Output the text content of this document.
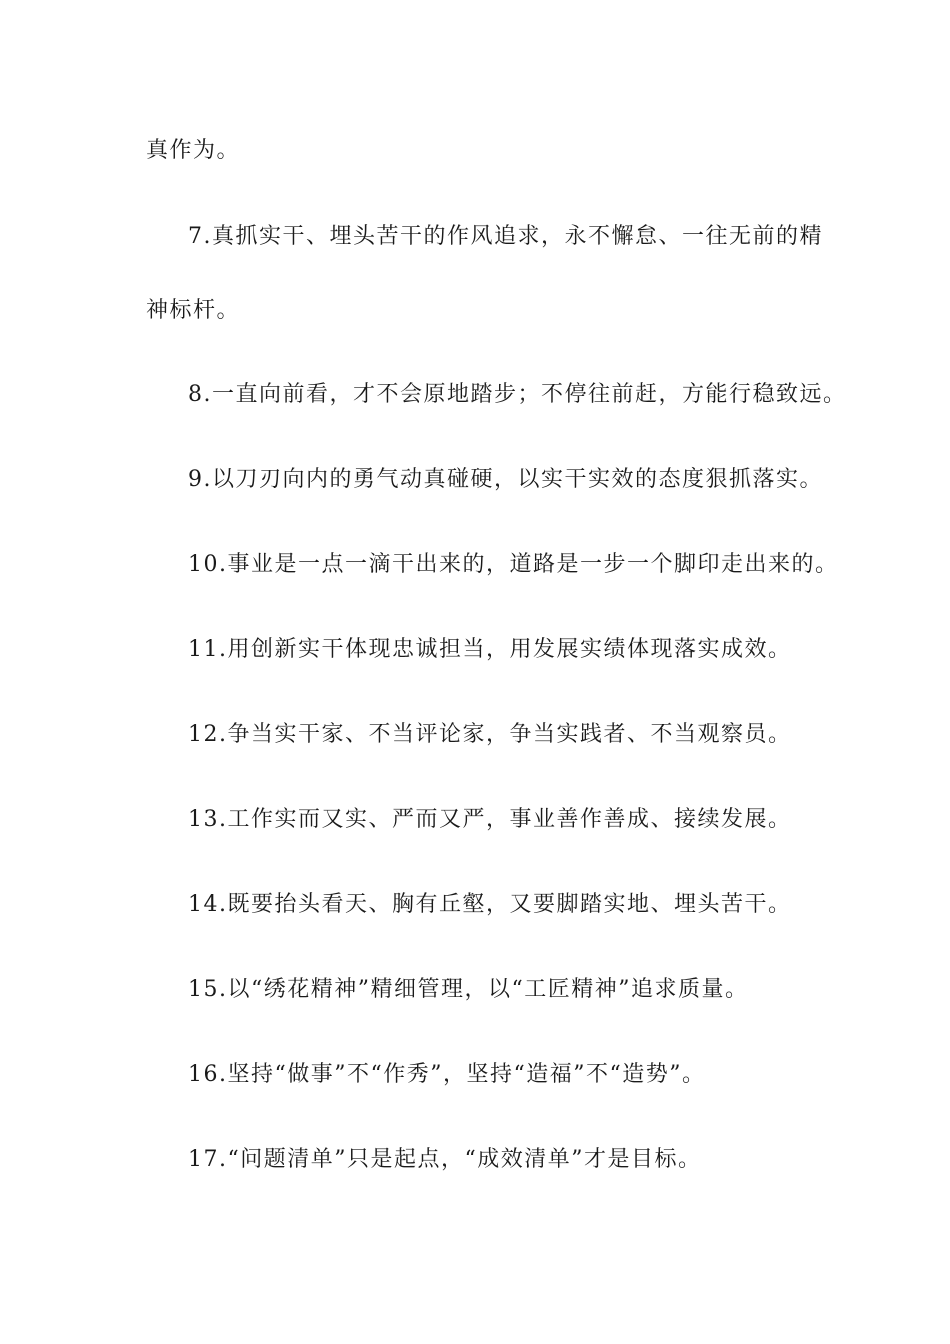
真作为。
7.真抓实干、埋头苦干的作风追求，永不懈怠、一往无前的精
神标杆。
8.一直向前看，才不会原地踏步；不停往前赶，方能行稳致远。
9.以刀刃向内的勇气动真碰硬，以实干实效的态度狠抓落实。
10.事业是一点一滴干出来的，道路是一步一个脚印走出来的。
11.用创新实干体现忠诚担当，用发展实绩体现落实成效。
12.争当实干家、不当评论家，争当实践者、不当观察员。
13.工作实而又实、严而又严，事业善作善成、接续发展。
14.既要抬头看天、胸有丘壑，又要脚踏实地、埋头苦干。
15.以“绣花精神”精细管理，以“工匠精神”追求质量。
16.坚持“做事”不“作秀”，坚持“造福”不“造势”。
17.“问题清单”只是起点，“成效清单”才是目标。
